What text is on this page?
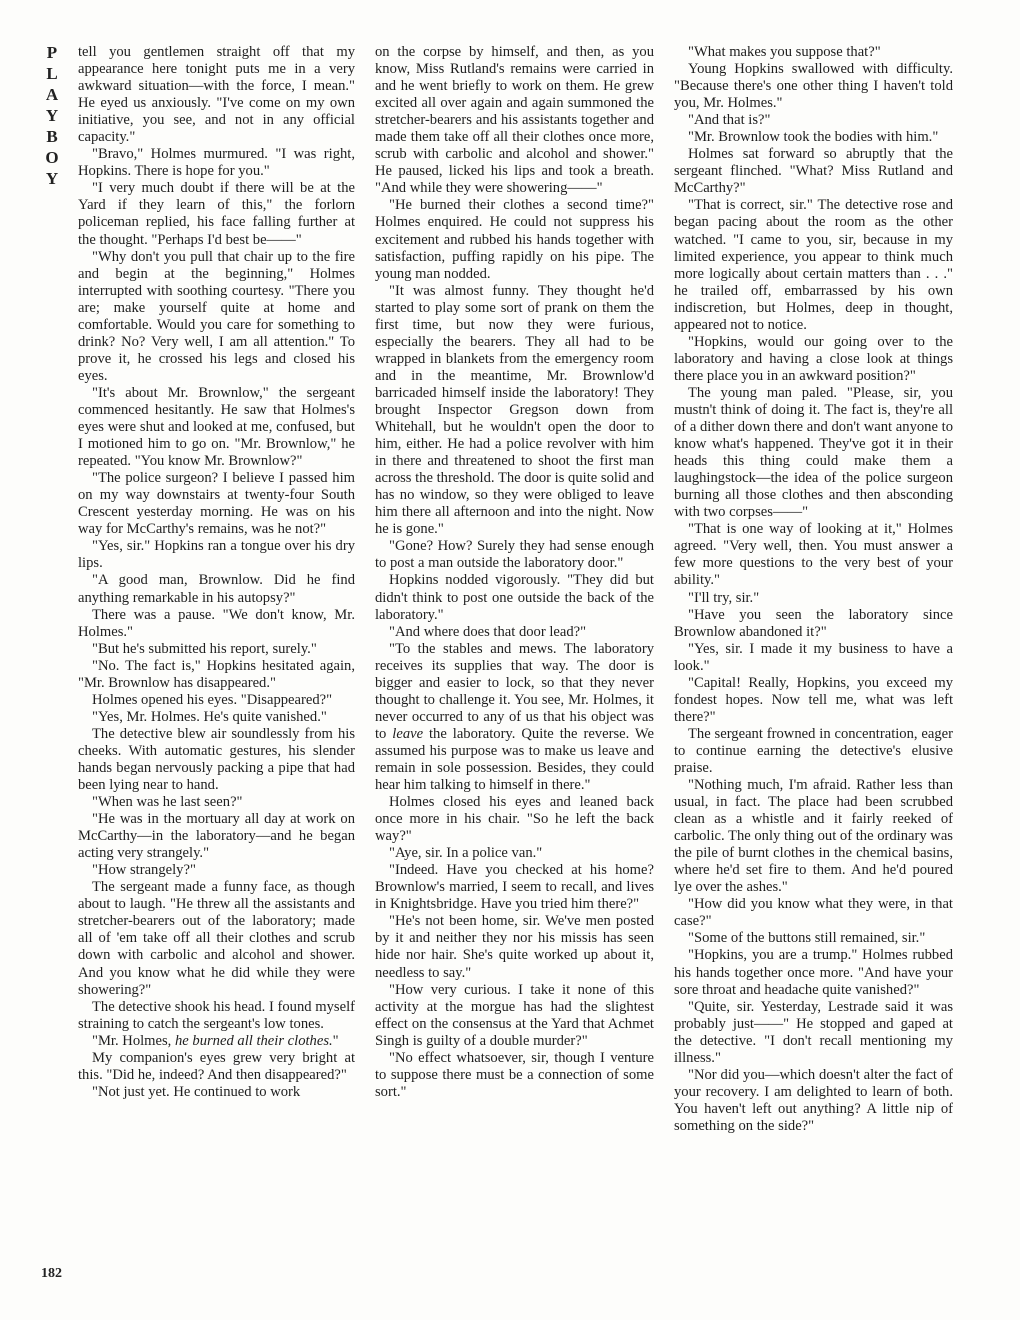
P
L
A
Y
B
O
Y
182

tell you gentlemen straight off that my appearance here tonight puts me in a very awkward situation—with the force, I mean." He eyed us anxiously. "I've come on my own initiative, you see, and not in any official capacity."

"Bravo," Holmes murmured. "I was right, Hopkins. There is hope for you."

"I very much doubt if there will be at the Yard if they learn of this," the forlorn policeman replied, his face falling further at the thought. "Perhaps I'd best be——"

"Why don't you pull that chair up to the fire and begin at the beginning," Holmes interrupted with soothing courtesy. "There you are; make yourself quite at home and comfortable. Would you care for something to drink? No? Very well, I am all attention." To prove it, he crossed his legs and closed his eyes.

"It's about Mr. Brownlow," the sergeant commenced hesitantly. He saw that Holmes's eyes were shut and looked at me, confused, but I motioned him to go on. "Mr. Brownlow," he repeated. "You know Mr. Brownlow?"

"The police surgeon? I believe I passed him on my way downstairs at twenty-four South Crescent yesterday morning. He was on his way for McCarthy's remains, was he not?"

"Yes, sir." Hopkins ran a tongue over his dry lips.

"A good man, Brownlow. Did he find anything remarkable in his autopsy?"

There was a pause. "We don't know, Mr. Holmes."

"But he's submitted his report, surely."

"No. The fact is," Hopkins hesitated again, "Mr. Brownlow has disappeared."

Holmes opened his eyes. "Disappeared?"

"Yes, Mr. Holmes. He's quite vanished."

The detective blew air soundlessly from his cheeks. With automatic gestures, his slender hands began nervously packing a pipe that had been lying near to hand.

"When was he last seen?"

"He was in the mortuary all day at work on McCarthy—in the laboratory—and he began acting very strangely."

"How strangely?"

The sergeant made a funny face, as though about to laugh. "He threw all the assistants and stretcher-bearers out of the laboratory; made all of 'em take off all their clothes and scrub down with carbolic and alcohol and shower. And you know what he did while they were showering?"

The detective shook his head. I found myself straining to catch the sergeant's low tones.

"Mr. Holmes, he burned all their clothes."

My companion's eyes grew very bright at this. "Did he, indeed? And then disappeared?"

"Not just yet. He continued to work

on the corpse by himself, and then, as you know, Miss Rutland's remains were carried in and he went briefly to work on them. He grew excited all over again and again summoned the stretcher-bearers and his assistants together and made them take off all their clothes once more, scrub with carbolic and alcohol and shower." He paused, licked his lips and took a breath. "And while they were showering——"

"He burned their clothes a second time?" Holmes enquired. He could not suppress his excitement and rubbed his hands together with satisfaction, puffing rapidly on his pipe. The young man nodded.

"It was almost funny. They thought he'd started to play some sort of prank on them the first time, but now they were furious, especially the bearers. They all had to be wrapped in blankets from the emergency room and in the meantime, Mr. Brownlow'd barricaded himself inside the laboratory! They brought Inspector Gregson down from Whitehall, but he wouldn't open the door to him, either. He had a police revolver with him in there and threatened to shoot the first man across the threshold. The door is quite solid and has no window, so they were obliged to leave him there all afternoon and into the night. Now he is gone."

"Gone? How? Surely they had sense enough to post a man outside the laboratory door."

Hopkins nodded vigorously. "They did but didn't think to post one outside the back of the laboratory."

"And where does that door lead?"

"To the stables and mews. The laboratory receives its supplies that way. The door is bigger and easier to lock, so that they never thought to challenge it. You see, Mr. Holmes, it never occurred to any of us that his object was to leave the laboratory. Quite the reverse. We assumed his purpose was to make us leave and remain in sole possession. Besides, they could hear him talking to himself in there."

Holmes closed his eyes and leaned back once more in his chair. "So he left the back way?"

"Aye, sir. In a police van."

"Indeed. Have you checked at his home? Brownlow's married, I seem to recall, and lives in Knightsbridge. Have you tried him there?"

"He's not been home, sir. We've men posted by it and neither they nor his missis has seen hide nor hair. She's quite worked up about it, needless to say."

"How very curious. I take it none of this activity at the morgue has had the slightest effect on the consensus at the Yard that Achmet Singh is guilty of a double murder?"

"No effect whatsoever, sir, though I venture to suppose there must be a connection of some sort."

"What makes you suppose that?"

Young Hopkins swallowed with difficulty. "Because there's one other thing I haven't told you, Mr. Holmes."

"And that is?"

"Mr. Brownlow took the bodies with him."

Holmes sat forward so abruptly that the sergeant flinched. "What? Miss Rutland and McCarthy?"

"That is correct, sir." The detective rose and began pacing about the room as the other watched. "I came to you, sir, because in my limited experience, you appear to think much more logically about certain matters than . . ." he trailed off, embarrassed by his own indiscretion, but Holmes, deep in thought, appeared not to notice.

"Hopkins, would our going over to the laboratory and having a close look at things there place you in an awkward position?"

The young man paled. "Please, sir, you mustn't think of doing it. The fact is, they're all of a dither down there and don't want anyone to know what's happened. They've got it in their heads this thing could make them a laughingstock—the idea of the police surgeon burning all those clothes and then absconding with two corpses——"

"That is one way of looking at it," Holmes agreed. "Very well, then. You must answer a few more questions to the very best of your ability."

"I'll try, sir."

"Have you seen the laboratory since Brownlow abandoned it?"

"Yes, sir. I made it my business to have a look."

"Capital! Really, Hopkins, you exceed my fondest hopes. Now tell me, what was left there?"

The sergeant frowned in concentration, eager to continue earning the detective's elusive praise.

"Nothing much, I'm afraid. Rather less than usual, in fact. The place had been scrubbed clean as a whistle and it fairly reeked of carbolic. The only thing out of the ordinary was the pile of burnt clothes in the chemical basins, where he'd set fire to them. And he'd poured lye over the ashes."

"How did you know what they were, in that case?"

"Some of the buttons still remained, sir."

"Hopkins, you are a trump." Holmes rubbed his hands together once more. "And have your sore throat and headache quite vanished?"

"Quite, sir. Yesterday, Lestrade said it was probably just——" He stopped and gaped at the detective. "I don't recall mentioning my illness."

"Nor did you—which doesn't alter the fact of your recovery. I am delighted to learn of both. You haven't left out anything? A little nip of something on the side?"
